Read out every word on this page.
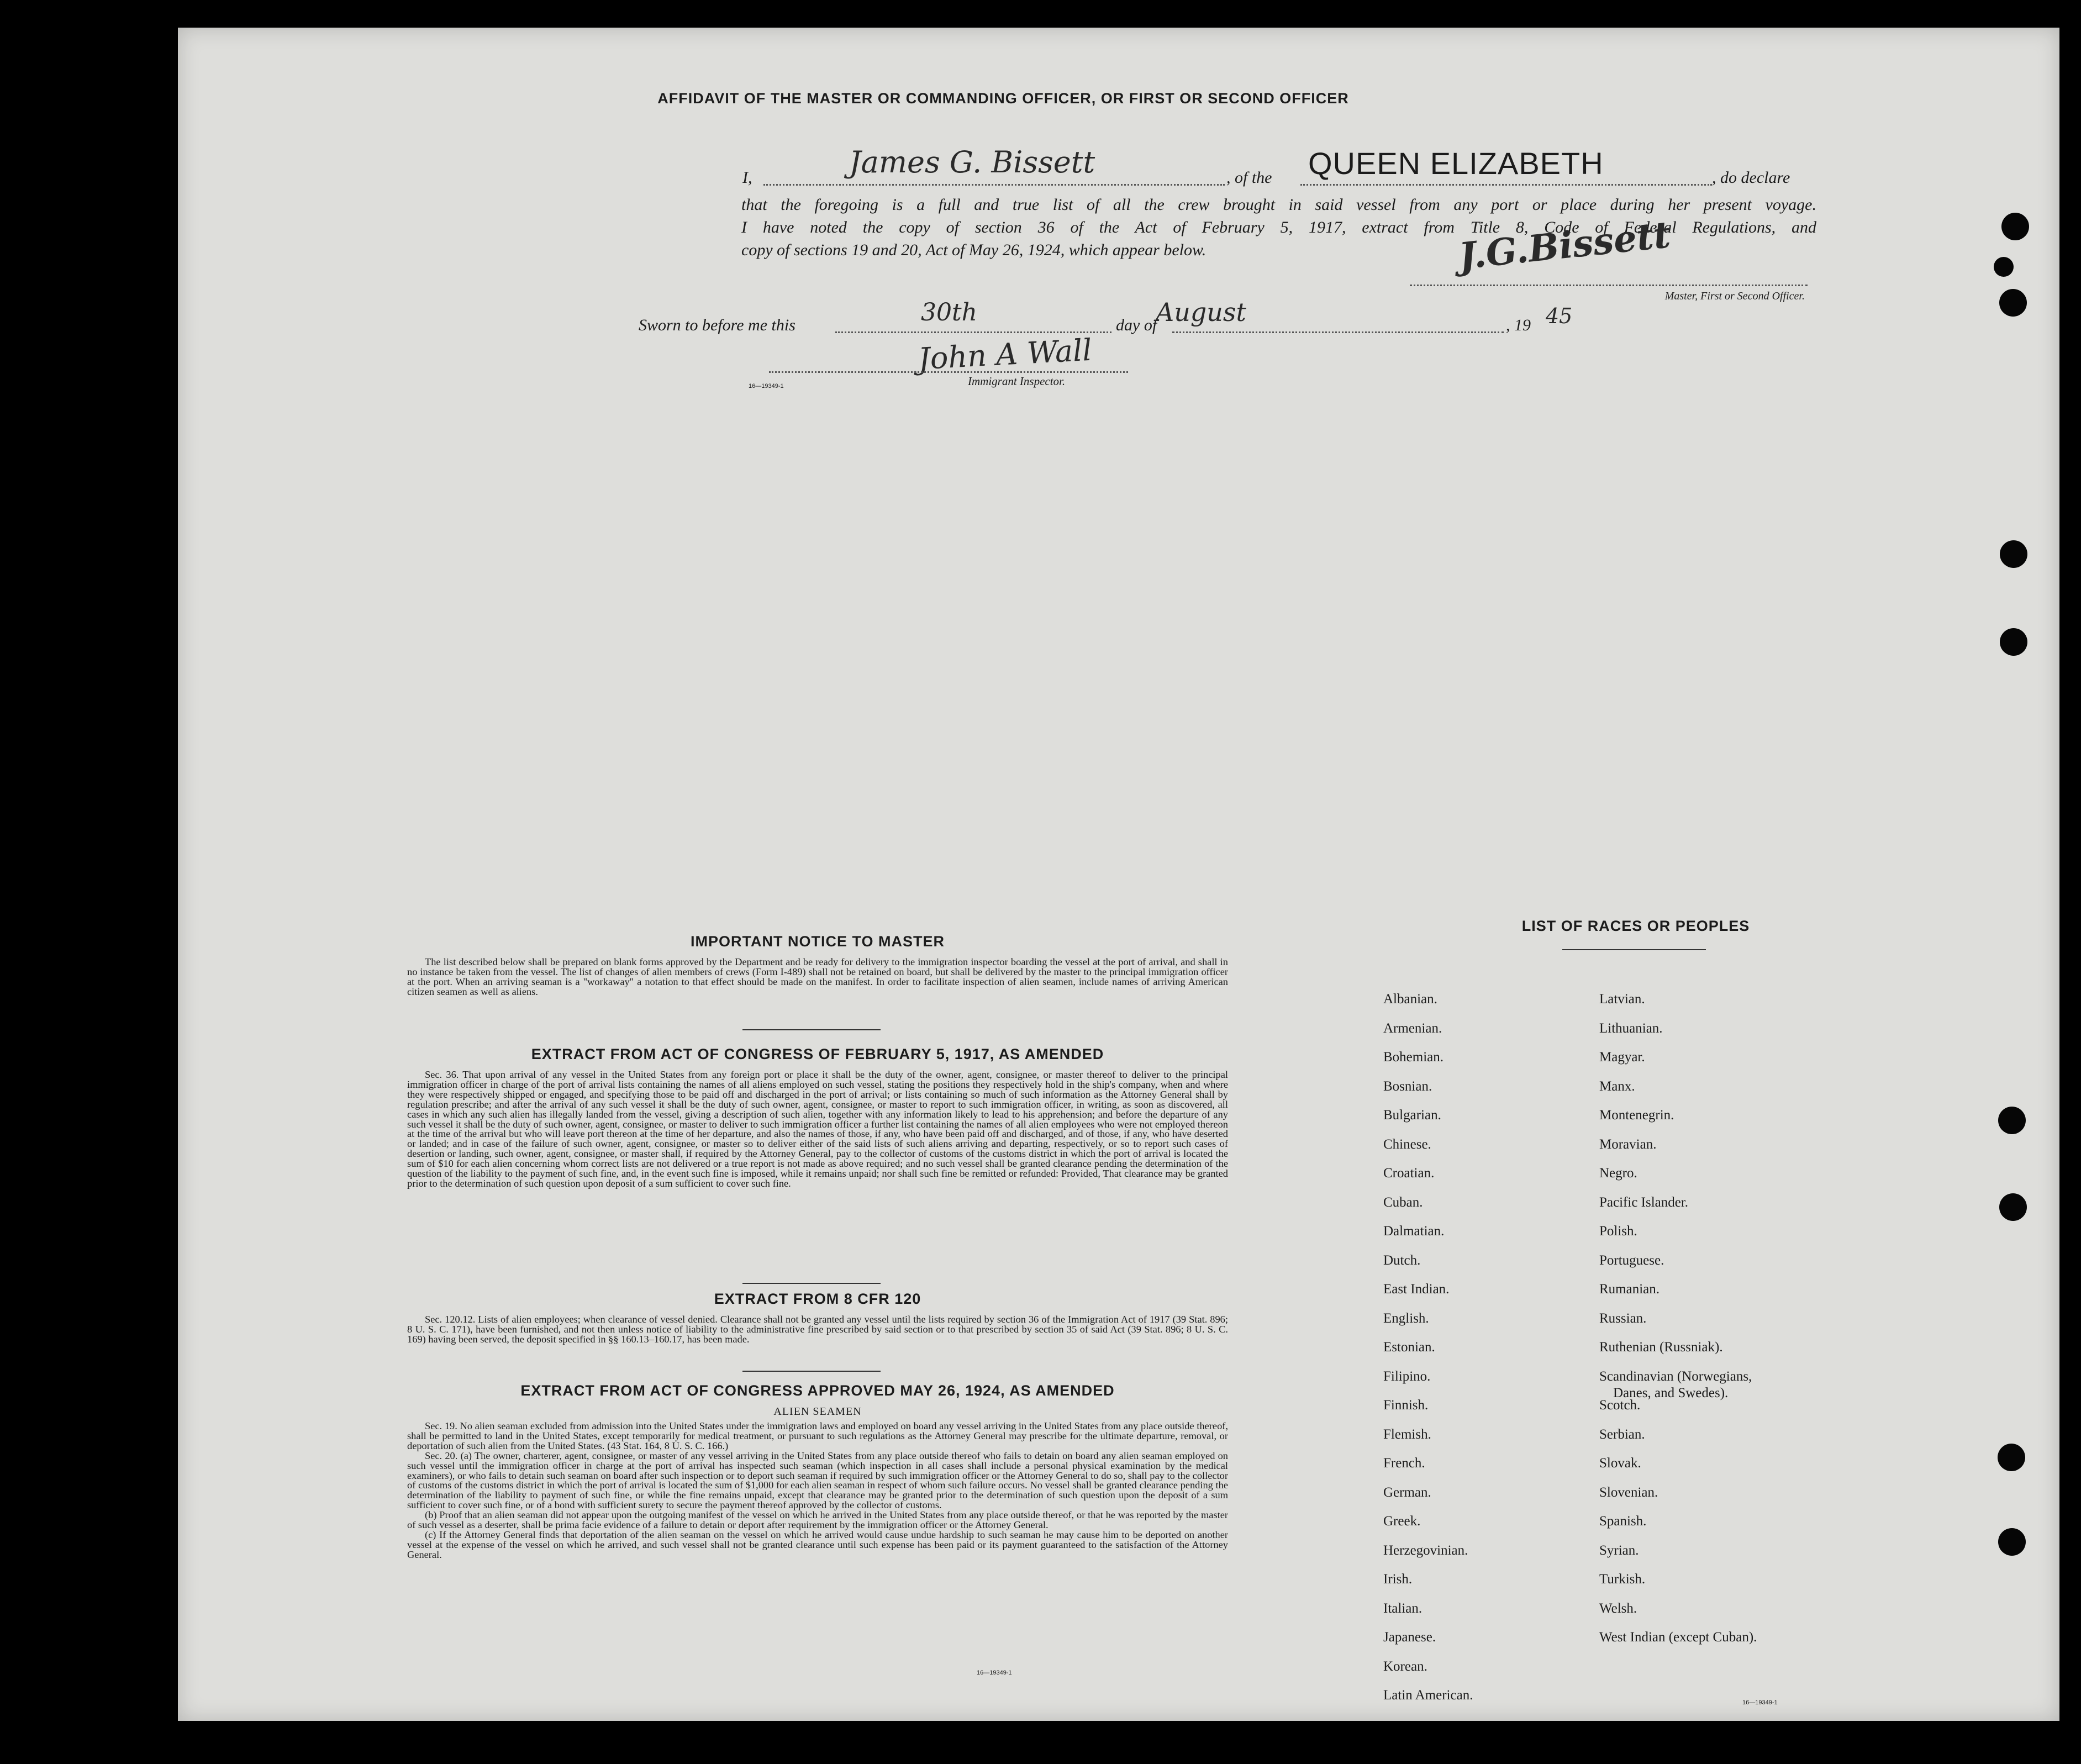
AFFIDAVIT OF THE MASTER OR COMMANDING OFFICER, OR FIRST OR SECOND OFFICER
I,	James G. Bissett	, of the QUEEN ELIZABETH	, do declare
that the foregoing is a full and true list of all the crew brought in said vessel from any port or place during her present voyage.
I have noted the copy of section 36 of the Act of February 5, 1917, extract from Title 8, Code of Federal Regulations, and
copy of sections 19 and 20, Act of May 26, 1924, which appear below.	J.G.Bissett
Master, First or Second Officer.
Sworn to before me this	30th	day of
August	, 19 45
John A Wall
Immigrant Inspector.
16—19349-1
IMPORTANT NOTICE TO MASTER

The list described below shall be prepared on blank forms approved by the Department and be ready for delivery to the immigration inspector boarding the vessel at the port of arrival, and shall in no instance be taken from the vessel. The list of changes of alien members of crews (Form I-489) shall not be retained on board, but shall be delivered by the master to the principal immigration officer at the port. When an arriving seaman is a "workaway" a notation to that effect should be made on the manifest. In order to facilitate inspection of alien seamen, include names of arriving American citizen seamen as well as aliens.

EXTRACT FROM ACT OF CONGRESS OF FEBRUARY 5, 1917, AS AMENDED

Sec. 36. That upon arrival of any vessel in the United States from any foreign port or place it shall be the duty of the owner, agent, consignee, or master thereof to deliver to the principal immigration officer in charge of the port of arrival lists containing the names of all aliens employed on such vessel, stating the positions they respectively hold in the ship's company, when and where they were respectively shipped or engaged, and specifying those to be paid off and discharged in the port of arrival; or lists containing so much of such information as the Attorney General shall by regulation prescribe; and after the arrival of any such vessel it shall be the duty of such owner, agent, consignee, or master to report to such immigration officer, in writing, as soon as discovered, all cases in which any such alien has illegally landed from the vessel, giving a description of such alien, together with any information likely to lead to his apprehension; and before the departure of any such vessel it shall be the duty of such owner, agent, consignee, or master to deliver to such immigration officer a further list containing the names of all alien employees who were not employed thereon at the time of the arrival but who will leave port thereon at the time of her departure, and also the names of those, if any, who have been paid off and discharged, and of those, if any, who have deserted or landed; and in case of the failure of such owner, agent, consignee, or master so to deliver either of the said lists of such aliens arriving and departing, respectively, or so to report such cases of desertion or landing, such owner, agent, consignee, or master shall, if required by the Attorney General, pay to the collector of customs of the customs district in which the port of arrival is located the sum of $10 for each alien concerning whom correct lists are not delivered or a true report is not made as above required; and no such vessel shall be granted clearance pending the determination of the question of the liability to the payment of such fine, and, in the event such fine is imposed, while it remains unpaid; nor shall such fine be remitted or refunded: Provided, That clearance may be granted prior to the determination of such question upon deposit of a sum sufficient to cover such fine.

EXTRACT FROM 8 CFR 120

Sec. 120.12. Lists of alien employees; when clearance of vessel denied. Clearance shall not be granted any vessel until the lists required by section 36 of the Immigration Act of 1917 (39 Stat. 896; 8 U. S. C. 171), have been furnished, and not then unless notice of liability to the administrative fine prescribed by said section or to that prescribed by section 35 of said Act (39 Stat. 896; 8 U. S. C. 169) having been served, the deposit specified in §§ 160.13–160.17, has been made.

EXTRACT FROM ACT OF CONGRESS APPROVED MAY 26, 1924, AS AMENDED
ALIEN SEAMEN

Sec. 19. No alien seaman excluded from admission into the United States under the immigration laws and employed on board any vessel arriving in the United States from any place outside thereof, shall be permitted to land in the United States, except temporarily for medical treatment, or pursuant to such regulations as the Attorney General may prescribe for the ultimate departure, removal, or deportation of such alien from the United States. (43 Stat. 164, 8 U. S. C. 166.)

Sec. 20. (a) The owner, charterer, agent, consignee, or master of any vessel arriving in the United States from any place outside thereof who fails to detain on board any alien seaman employed on such vessel until the immigration officer in charge at the port of arrival has inspected such seaman (which inspection in all cases shall include a personal physical examination by the medical examiners), or who fails to detain such seaman on board after such inspection or to deport such seaman if required by such immigration officer or the Attorney General to do so, shall pay to the collector of customs of the customs district in which the port of arrival is located the sum of $1,000 for each alien seaman in respect of whom such failure occurs. No vessel shall be granted clearance pending the determination of the liability to payment of such fine, or while the fine remains unpaid, except that clearance may be granted prior to the determination of such question upon the deposit of a sum sufficient to cover such fine, or of a bond with sufficient surety to secure the payment thereof approved by the collector of customs.

(b) Proof that an alien seaman did not appear upon the outgoing manifest of the vessel on which he arrived in the United States from any place outside thereof, or that he was reported by the master of such vessel as a deserter, shall be prima facie evidence of a failure to detain or deport after requirement by the immigration officer or the Attorney General.

(c) If the Attorney General finds that deportation of the alien seaman on the vessel on which he arrived would cause undue hardship to such seaman he may cause him to be deported on another vessel at the expense of the vessel on which he arrived, and such vessel shall not be granted clearance until such expense has been paid or its payment guaranteed to the satisfaction of the Attorney General.

16—19349-1
LIST OF RACES OR PEOPLES
Albanian.
Armenian.
Bohemian.
Bosnian.
Bulgarian.
Chinese.
Croatian.
Cuban.
Dalmatian.
Dutch.
East Indian.
English.
Estonian.
Filipino.
Finnish.
Flemish.
French.
German.
Greek.
Herzegovinian.
Irish.
Italian.
Japanese.
Korean.
Latin American.
Latvian.
Lithuanian.
Magyar.
Manx.
Montenegrin.
Moravian.
Negro.
Pacific Islander.
Polish.
Portuguese.
Rumanian.
Russian.
Ruthenian (Russniak).
Scandinavian (Norwegians,
Danes, and Swedes).
Scotch.
Serbian.
Slovak.
Slovenian.
Spanish.
Syrian.
Turkish.
Welsh.
West Indian (except Cuban).
16—19349-1
